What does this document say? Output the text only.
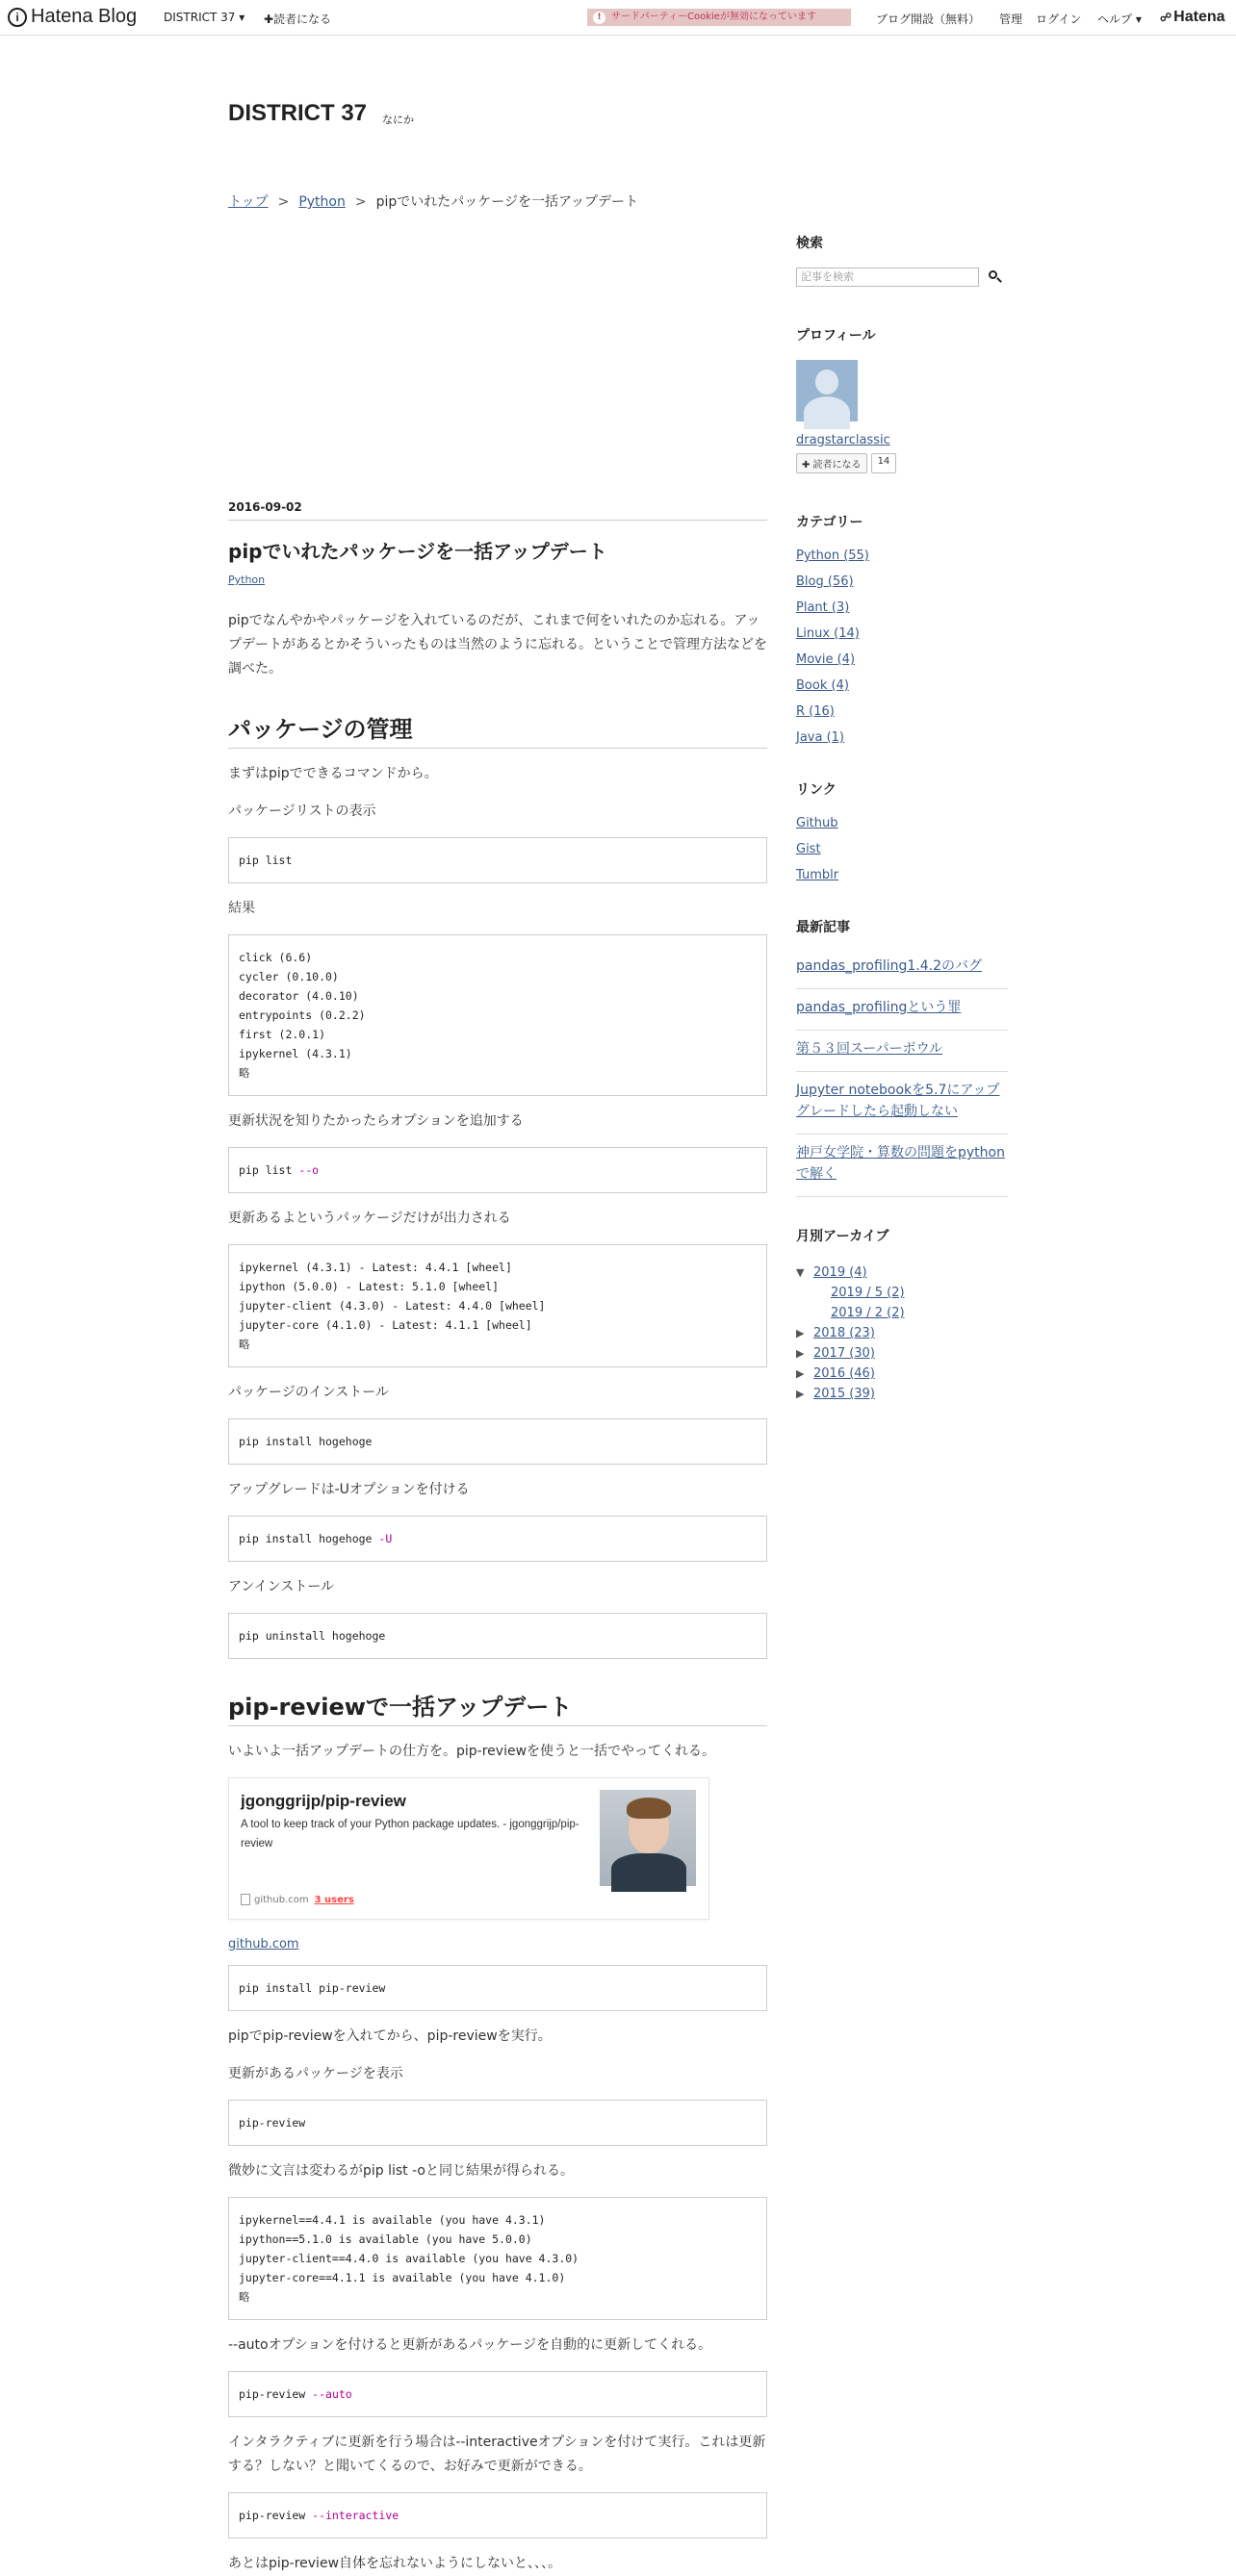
i Hatena Blog DISTRICT 37 ▾ ✚読者になる	! サードパーティーCookieが無効になっています	ブログ開設（無料） 管理 ログイン ヘルプ ▾ ☍ Hatena
DISTRICT 37 なにか
トップ > Python > pipでいれたパッケージを一括アップデート
2016-09-02
pipでいれたパッケージを一括アップデート
Python

pipでなんやかやパッケージを入れているのだが、これまで何をいれたのか忘れる。アップデートがあるとかそういったものは当然のように忘れる。ということで管理方法などを調べた。

パッケージの管理

まずはpipでできるコマンドから。

パッケージリストの表示

pip list

結果

click (6.6)
cycler (0.10.0)
decorator (4.0.10)
entrypoints (0.2.2)
first (2.0.1)
ipykernel (4.3.1)
略

更新状況を知りたかったらオプションを追加する

pip list --o

更新あるよというパッケージだけが出力される

ipykernel (4.3.1) - Latest: 4.4.1 [wheel]
ipython (5.0.0) - Latest: 5.1.0 [wheel]
jupyter-client (4.3.0) - Latest: 4.4.0 [wheel]
jupyter-core (4.1.0) - Latest: 4.1.1 [wheel]
略

パッケージのインストール

pip install hogehoge

アップグレードは-Uオプションを付ける

pip install hogehoge -U

アンインストール

pip uninstall hogehoge
pip-reviewで一括アップデート

いよいよ一括アップデートの仕方を。pip-reviewを使うと一括でやってくれる。

jgonggrijp/pip-review
A tool to keep track of your Python package updates. - jgonggrijp/pip-review
github.com 3 users
github.com
pip install pip-review

pipでpip-reviewを入れてから、pip-reviewを実行。

更新があるパッケージを表示

pip-review

微妙に文言は変わるがpip list -oと同じ結果が得られる。

ipykernel==4.4.1 is available (you have 4.3.1)
ipython==5.1.0 is available (you have 5.0.0)
jupyter-client==4.4.0 is available (you have 4.3.0)
jupyter-core==4.1.1 is available (you have 4.1.0)
略

--autoオプションを付けると更新があるパッケージを自動的に更新してくれる。

pip-review --auto

インタラクティブに更新を行う場合は--interactiveオプションを付けて実行。これは更新する？しない？と聞いてくるので、お好みで更新ができる。

pip-review --interactive

あとはpip-review自体を忘れないようにしないと、、、。

検索
記事を検索
プロフィール
dragstarclassic
✚ 読者になる	14
カテゴリー
Python (55)
Blog (56)
Plant (3)
Linux (14)
Movie (4)
Book (4)
R (16)
Java (1)
リンク
Github
Gist
Tumblr
最新記事
pandas_profiling1.4.2のバグ
pandas_profilingという罪
第５３回スーパーボウル
Jupyter notebookを5.7にアップグレードしたら起動しない
神戸女学院・算数の問題をpythonで解く
月別アーカイブ
▼ 2019 (4)
2019 / 5 (2)
2019 / 2 (2)
▶ 2018 (23)
▶ 2017 (30)
▶ 2016 (46)
▶ 2015 (39)
